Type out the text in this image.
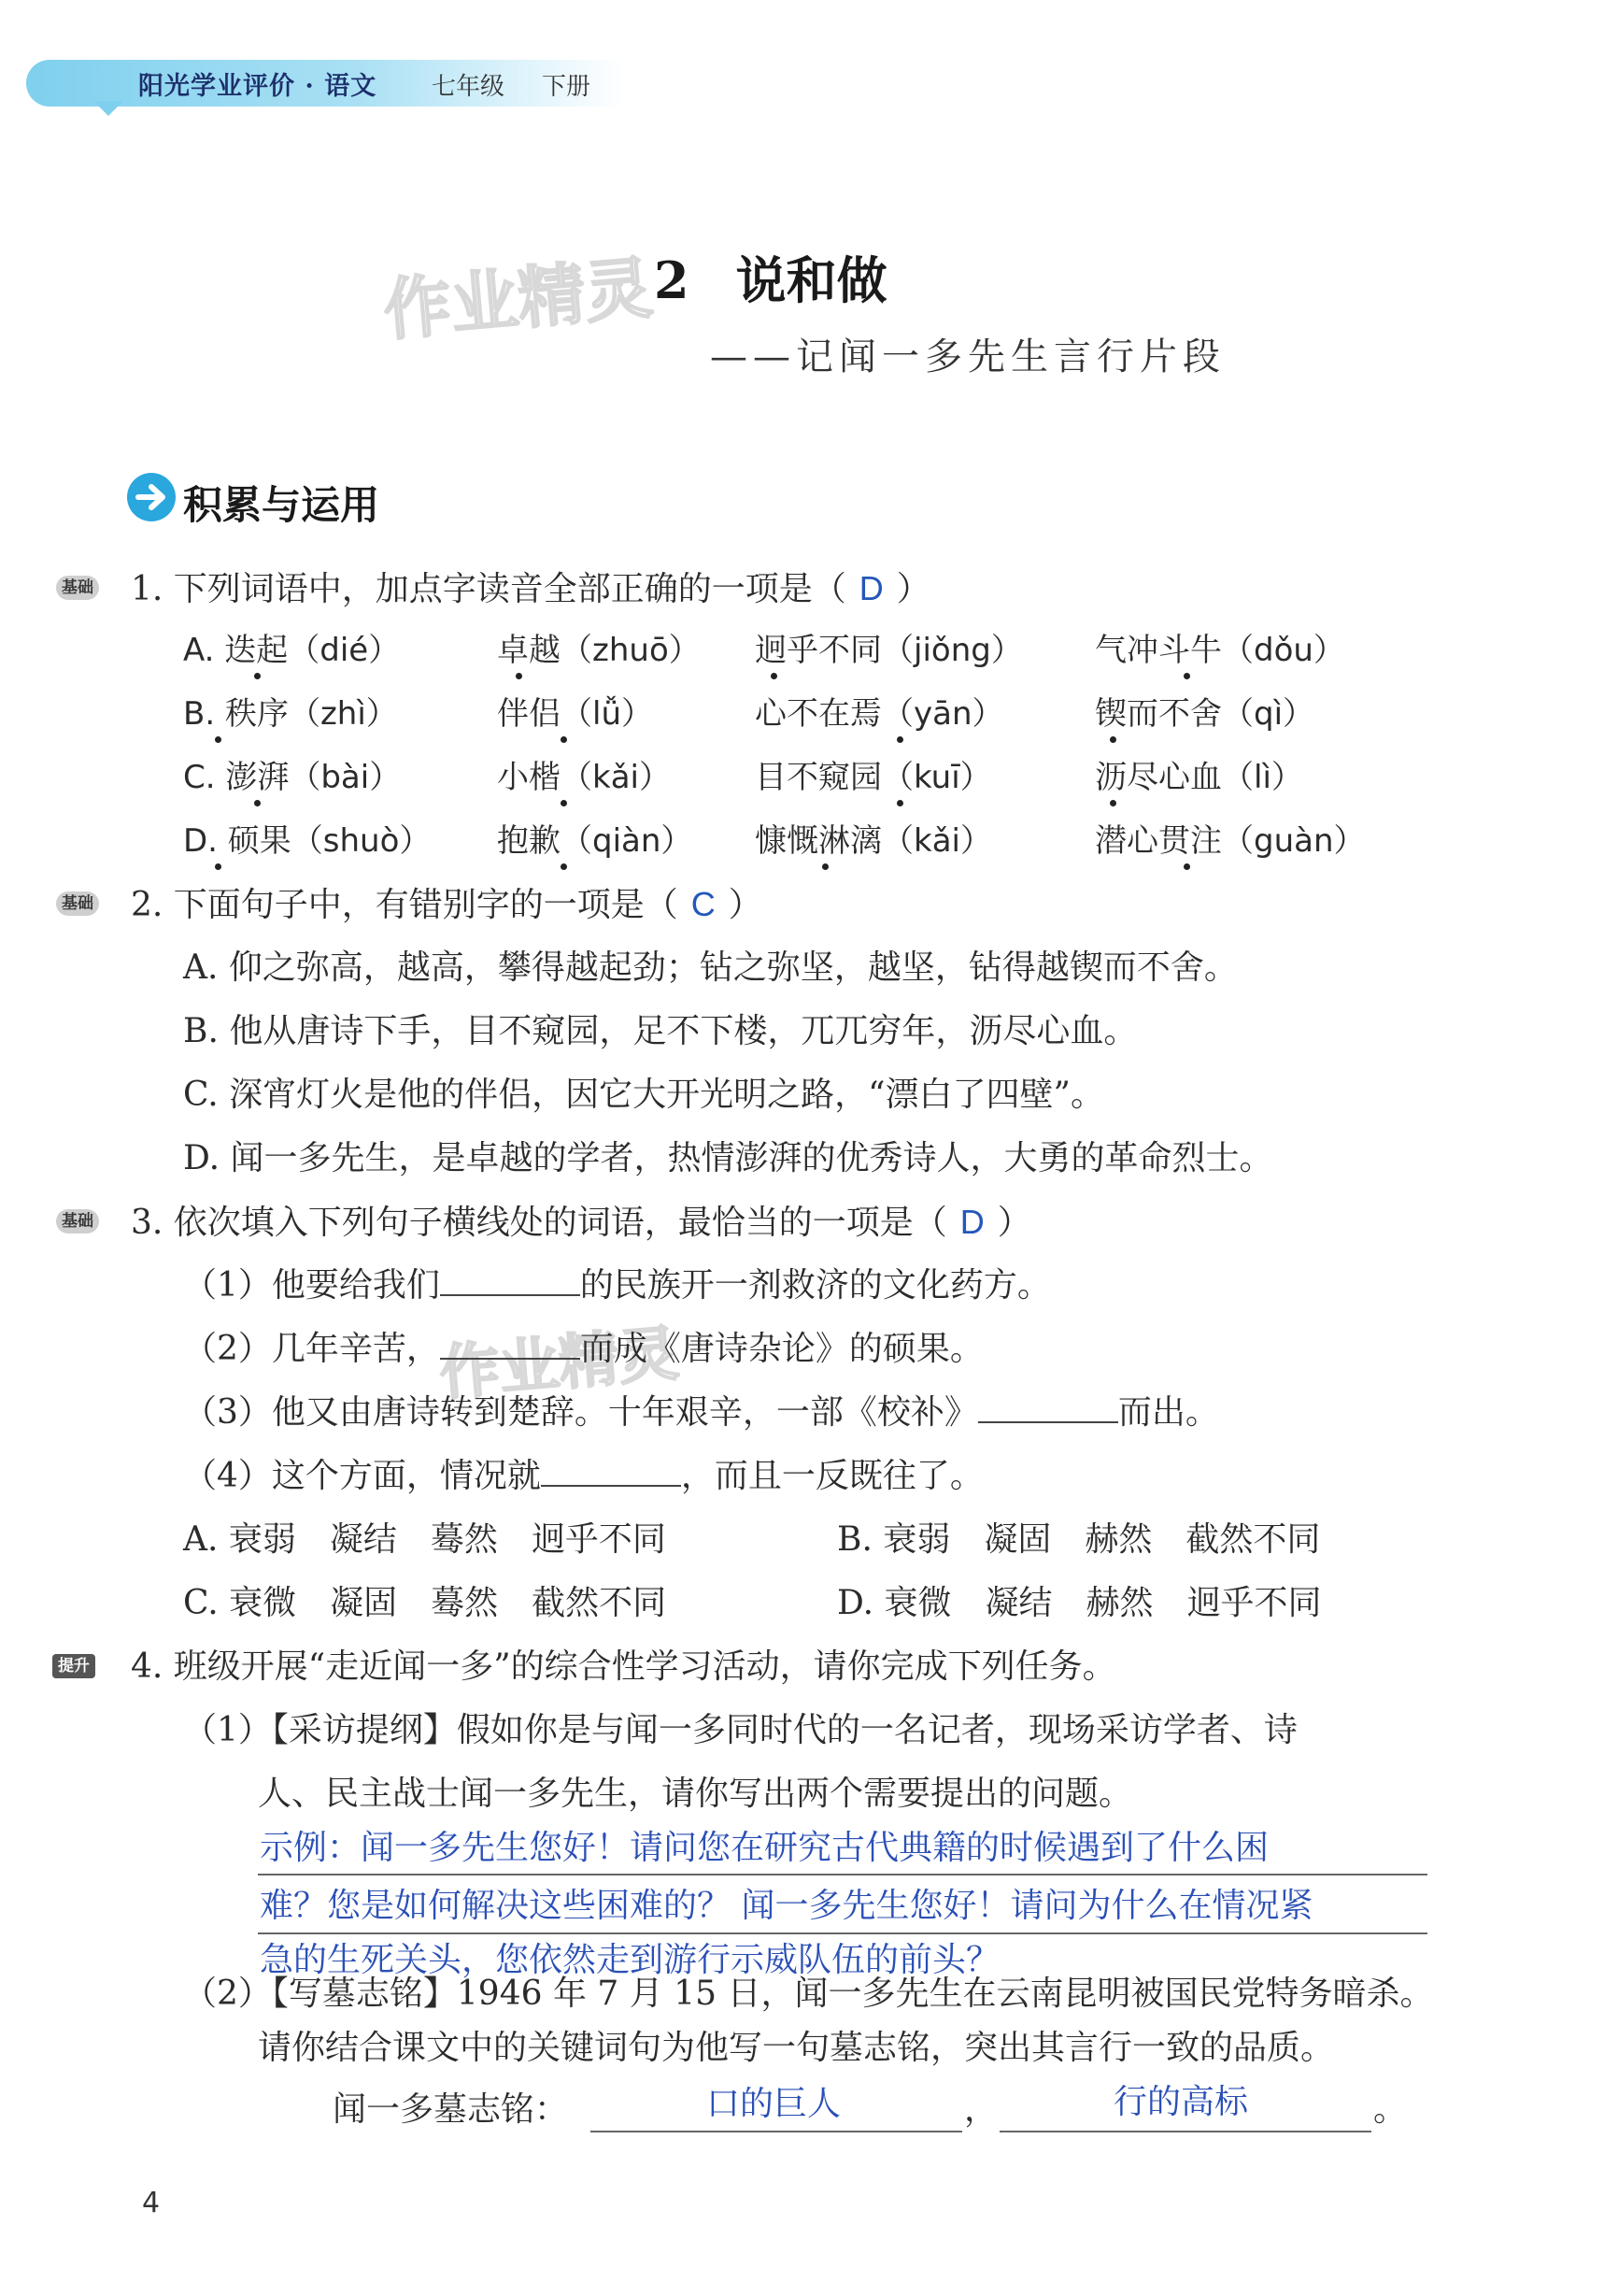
阳光学业评价 · 语文 七年级 下册
作业精灵
作业精灵
2 说和做
——记闻一多先生言行片段
积累与运用
基础 1. 下列词语中，加点字读音全部正确的一项是（ D ）
A. 迭起（dié）	卓越（zhuō） 迥乎不同（jiǒng） 气冲斗牛（dǒu）
B. 秩序（zhì）	伴侣（lǚ）	心不在焉（yān）	锲而不舍（qì）
C. 澎湃（bài）	小楷（kǎi）	目不窥园（kuī）	沥尽心血（lì）
D. 硕果（shuò） 抱歉（qiàn） 慷慨淋漓（kǎi）	潜心贯注（guàn）
基础 2. 下面句子中，有错别字的一项是（ C ）
A. 仰之弥高，越高，攀得越起劲；钻之弥坚，越坚，钻得越锲而不舍。
B. 他从唐诗下手，目不窥园，足不下楼，兀兀穷年，沥尽心血。
C. 深宵灯火是他的伴侣，因它大开光明之路，“漂白了四壁”。
D. 闻一多先生，是卓越的学者，热情澎湃的优秀诗人，大勇的革命烈士。
基础 3. 依次填入下列句子横线处的词语，最恰当的一项是（ D ）
（1）他要给我们	的民族开一剂救济的文化药方。
（2）几年辛苦，	而成《唐诗杂论》的硕果。
（3）他又由唐诗转到楚辞。十年艰辛，一部《校补》	而出。
（4）这个方面，情况就	，而且一反既往了。
A. 衰弱　凝结　蓦然　迥乎不同	B. 衰弱　凝固　赫然　截然不同
C. 衰微　凝固　蓦然　截然不同	D. 衰微　凝结　赫然　迥乎不同
提升 4. 班级开展“走近闻一多”的综合性学习活动，请你完成下列任务。
（1）【采访提纲】假如你是与闻一多同时代的一名记者，现场采访学者、诗
人、民主战士闻一多先生，请你写出两个需要提出的问题。
示例：闻一多先生您好！请问您在研究古代典籍的时候遇到了什么困
难？您是如何解决这些困难的？ 闻一多先生您好！请问为什么在情况紧
急的生死关头，您依然走到游行示威队伍的前头？
（2）【写墓志铭】1946 年 7 月 15 日，闻一多先生在云南昆明被国民党特务暗杀。
请你结合课文中的关键词句为他写一句墓志铭，突出其言行一致的品质。
闻一多墓志铭：	口的巨人	，	行的高标	。
4
